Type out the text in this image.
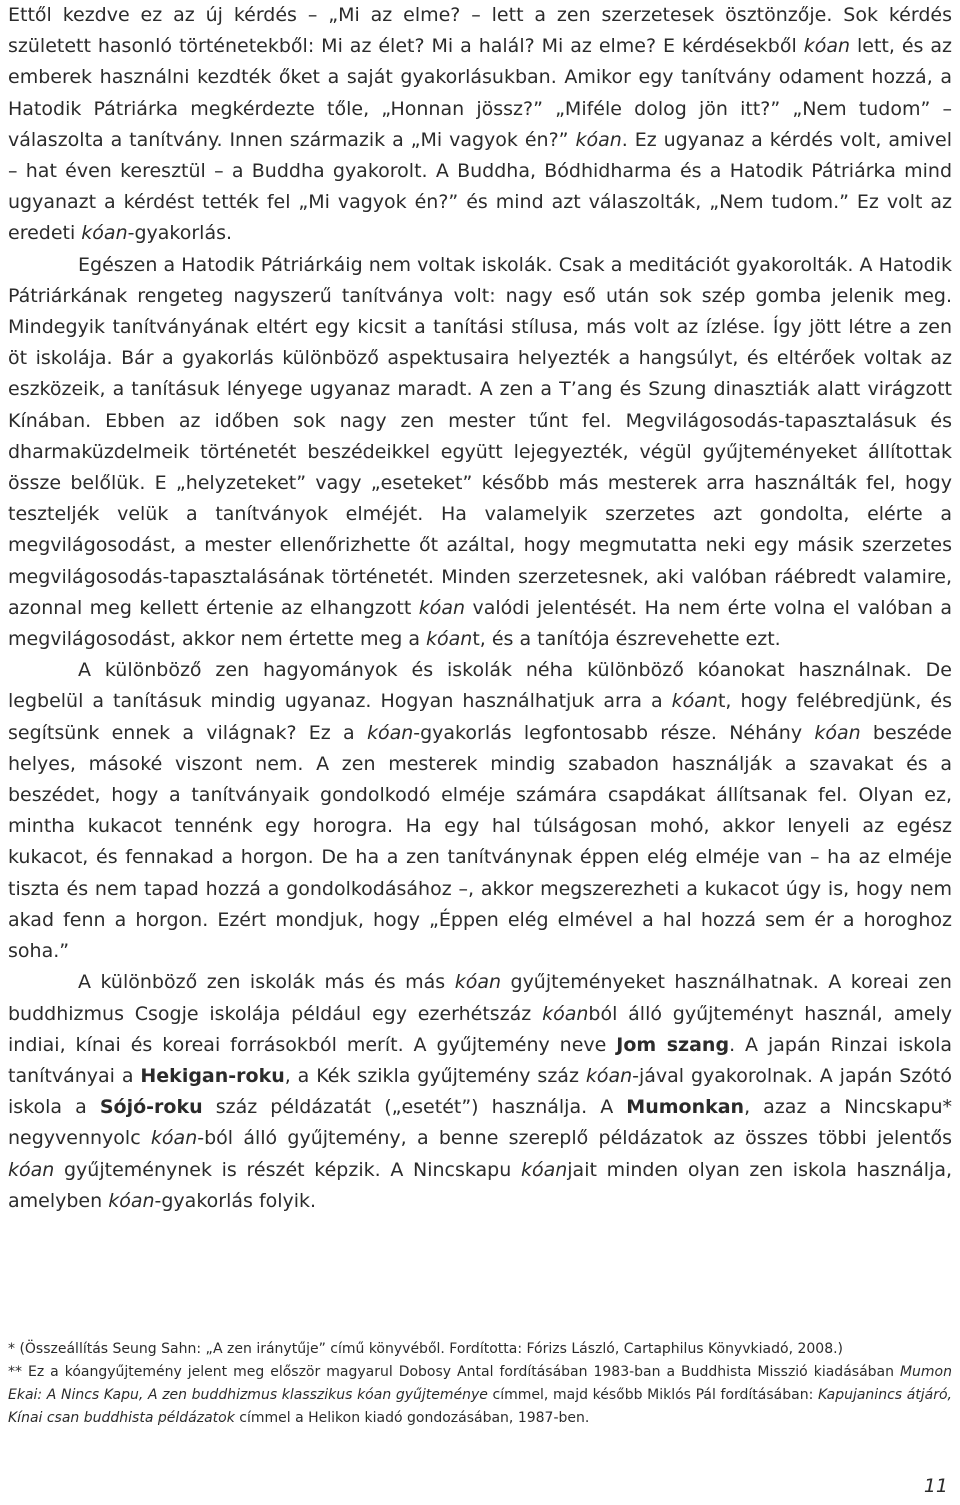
Ettől kezdve ez az új kérdés – „Mi az elme? – lett a zen szerzetesek ösztönzője. Sok kérdés született hasonló történetekből: Mi az élet? Mi a halál? Mi az elme? E kérdésekből kóan lett, és az emberek használni kezdték őket a saját gyakorlásukban. Amikor egy tanítvány odament hozzá, a Hatodik Pátriárka megkérdezte tőle, „Honnan jössz?” „Miféle dolog jön itt?” „Nem tudom” – válaszolta a tanítvány. Innen származik a „Mi vagyok én?” kóan. Ez ugyanaz a kérdés volt, amivel – hat éven keresztül – a Buddha gyakorolt. A Buddha, Bódhidharma és a Hatodik Pátriárka mind ugyanazt a kérdést tették fel „Mi vagyok én?” és mind azt válaszolták, „Nem tudom.” Ez volt az eredeti kóan-gyakorlás.

Egészen a Hatodik Pátriárkáig nem voltak iskolák. Csak a meditációt gyakorolták. A Hatodik Pátriárkának rengeteg nagyszerű tanítványa volt: nagy eső után sok szép gomba jelenik meg. Mindegyik tanítványának eltért egy kicsit a tanítási stílusa, más volt az ízlése. Így jött létre a zen öt iskolája. Bár a gyakorlás különböző aspektusaira helyezték a hangsúlyt, és eltérőek voltak az eszközeik, a tanításuk lényege ugyanaz maradt. A zen a T’ang és Szung dinasztiák alatt virágzott Kínában. Ebben az időben sok nagy zen mester tűnt fel. Megvilágosodás-tapasztalásuk és dharmaküzdelmeik történetét beszédeikkel együtt lejegyezték, végül gyűjteményeket állítottak össze belőlük. E „helyzeteket” vagy „eseteket” később más mesterek arra használták fel, hogy teszteljék velük a tanítványok elméjét. Ha valamelyik szerzetes azt gondolta, elérte a megvilágosodást, a mester ellenőrizhette őt azáltal, hogy megmutatta neki egy másik szerzetes megvilágosodás-tapasztalásának történetét. Minden szerzetesnek, aki valóban ráébredt valamire, azonnal meg kellett értenie az elhangzott kóan valódi jelentését. Ha nem érte volna el valóban a megvilágosodást, akkor nem értette meg a kóant, és a tanítója észrevehette ezt.

A különböző zen hagyományok és iskolák néha különböző kóanokat használnak. De legbelül a tanításuk mindig ugyanaz. Hogyan használhatjuk arra a kóant, hogy felébredjünk, és segítsünk ennek a világnak? Ez a kóan-gyakorlás legfontosabb része. Néhány kóan beszéde helyes, másoké viszont nem. A zen mesterek mindig szabadon használják a szavakat és a beszédet, hogy a tanítványaik gondolkodó elméje számára csapdákat állítsanak fel. Olyan ez, mintha kukacot tennénk egy horogra. Ha egy hal túlságosan mohó, akkor lenyeli az egész kukacot, és fennakad a horgon. De ha a zen tanítványnak éppen elég elméje van – ha az elméje tiszta és nem tapad hozzá a gondolkodásához –, akkor megszerezheti a kukacot úgy is, hogy nem akad fenn a horgon. Ezért mondjuk, hogy „Éppen elég elmével a hal hozzá sem ér a horoghoz soha.”

A különböző zen iskolák más és más kóan gyűjteményeket használhatnak. A koreai zen buddhizmus Csogje iskolája például egy ezerhétszáz kóanból álló gyűjteményt használ, amely indiai, kínai és koreai forrásokból merít. A gyűjtemény neve Jom szang. A japán Rinzai iskola tanítványai a Hekigan-roku, a Kék szikla gyűjtemény száz kóan-jával gyakorolnak. A japán Szótó iskola a Sójó-roku száz példázatát („esetét”) használja. A Mumonkan, azaz a Nincskapu* negyvennyolc kóan-ból álló gyűjtemény, a benne szereplő példázatok az összes többi jelentős kóan gyűjteménynek is részét képzik. A Nincskapu kóanjait minden olyan zen iskola használja, amelyben kóan-gyakorlás folyik.

* (Összeállítás Seung Sahn: „A zen iránytűje” című könyvéből. Fordította: Fórizs László, Cartaphilus Könyvkiadó, 2008.)

** Ez a kóangyűjtemény jelent meg először magyarul Dobosy Antal fordításában 1983-ban a Buddhista Misszió kiadásában Mumon Ekai: A Nincs Kapu, A zen buddhizmus klasszikus kóan gyűjteménye címmel, majd később Miklós Pál fordításában: Kapujanincs átjáró, Kínai csan buddhista példázatok címmel a Helikon kiadó gondozásában, 1987-ben.

11
